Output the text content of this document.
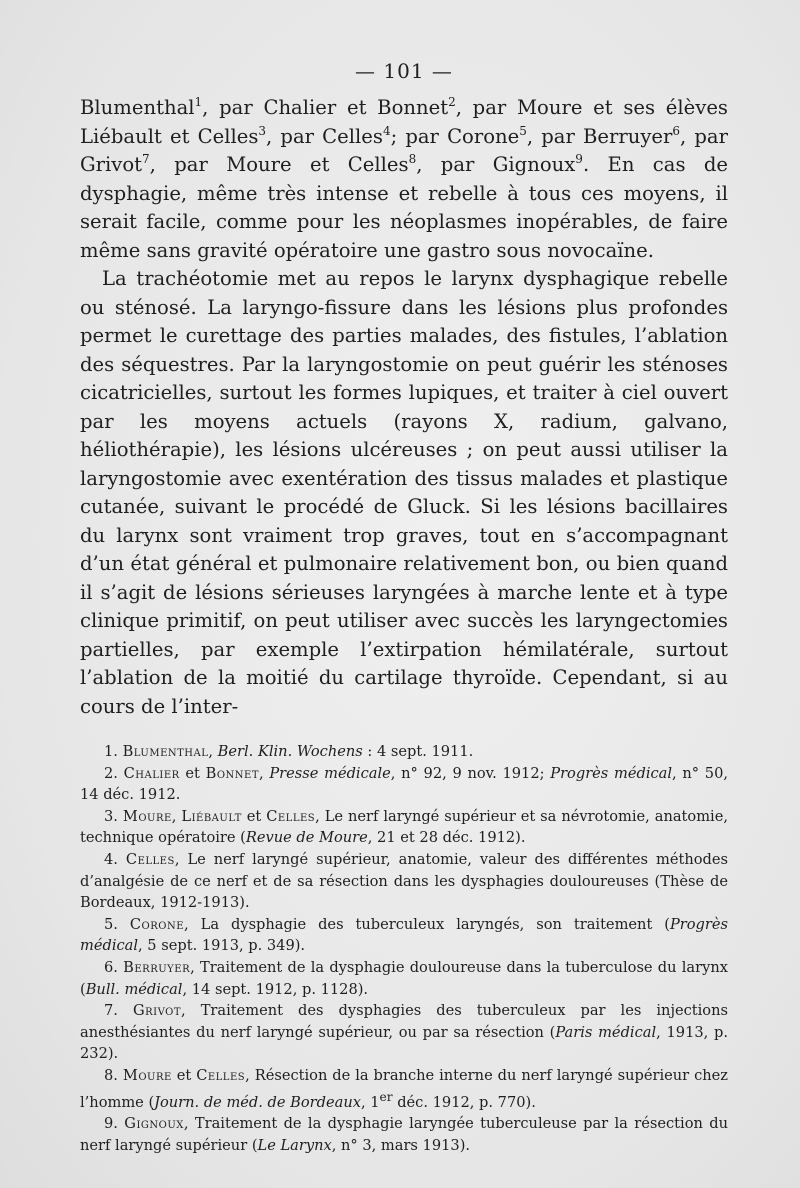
— 101 —

Blumenthal$^1$, par Chalier et Bonnet$^2$, par Moure et ses élèves Liébault et Celles$^3$, par Celles$^4$; par Corone$^5$, par Berruyer$^6$, par Grivot$^7$, par Moure et Celles$^8$, par Gignoux$^9$. En cas de dysphagie, même très intense et rebelle à tous ces moyens, il serait facile, comme pour les néoplasmes inopérables, de faire même sans gravité opératoire une gastro sous novocaïne.

La trachéotomie met au repos le larynx dysphagique rebelle ou sténosé. La laryngo-fissure dans les lésions plus profondes permet le curettage des parties malades, des fistules, l’ablation des séquestres. Par la laryngostomie on peut guérir les sténoses cicatricielles, surtout les formes lupiques, et traiter à ciel ouvert par les moyens actuels (rayons X, radium, galvano, héliothérapie), les lésions ulcéreuses ; on peut aussi utiliser la laryngostomie avec exentération des tissus malades et plastique cutanée, suivant le procédé de Gluck. Si les lésions bacillaires du larynx sont vraiment trop graves, tout en s’accompagnant d’un état général et pulmonaire relativement bon, ou bien quand il s’agit de lésions sérieuses laryngées à marche lente et à type clinique primitif, on peut utiliser avec succès les laryngectomies partielles, par exemple l’extirpation hémilatérale, surtout l’ablation de la moitié du cartilage thyroïde. Cependant, si au cours de l’inter-

1. Blumenthal, Berl. Klin. Wochens : 4 sept. 1911.
2. Chalier et Bonnet, Presse médicale, n° 92, 9 nov. 1912; Progrès médical, n° 50, 14 déc. 1912.
3. Moure, Liébault et Celles, Le nerf laryngé supérieur et sa névrotomie, anatomie, technique opératoire (Revue de Moure, 21 et 28 déc. 1912).
4. Celles, Le nerf laryngé supérieur, anatomie, valeur des différentes méthodes d’analgésie de ce nerf et de sa résection dans les dysphagies douloureuses (Thèse de Bordeaux, 1912-1913).
5. Corone, La dysphagie des tuberculeux laryngés, son traitement (Progrès médical, 5 sept. 1913, p. 349).
6. Berruyer, Traitement de la dysphagie douloureuse dans la tuberculose du larynx (Bull. médical, 14 sept. 1912, p. 1128).
7. Grivot, Traitement des dysphagies des tuberculeux par les injections anesthésiantes du nerf laryngé supérieur, ou par sa résection (Paris médical, 1913, p. 232).
8. Moure et Celles, Résection de la branche interne du nerf laryngé supérieur chez l’homme (Journ. de méd. de Bordeaux, 1er déc. 1912, p. 770).
9. Gignoux, Traitement de la dysphagie laryngée tuberculeuse par la résection du nerf laryngé supérieur (Le Larynx, n° 3, mars 1913).
